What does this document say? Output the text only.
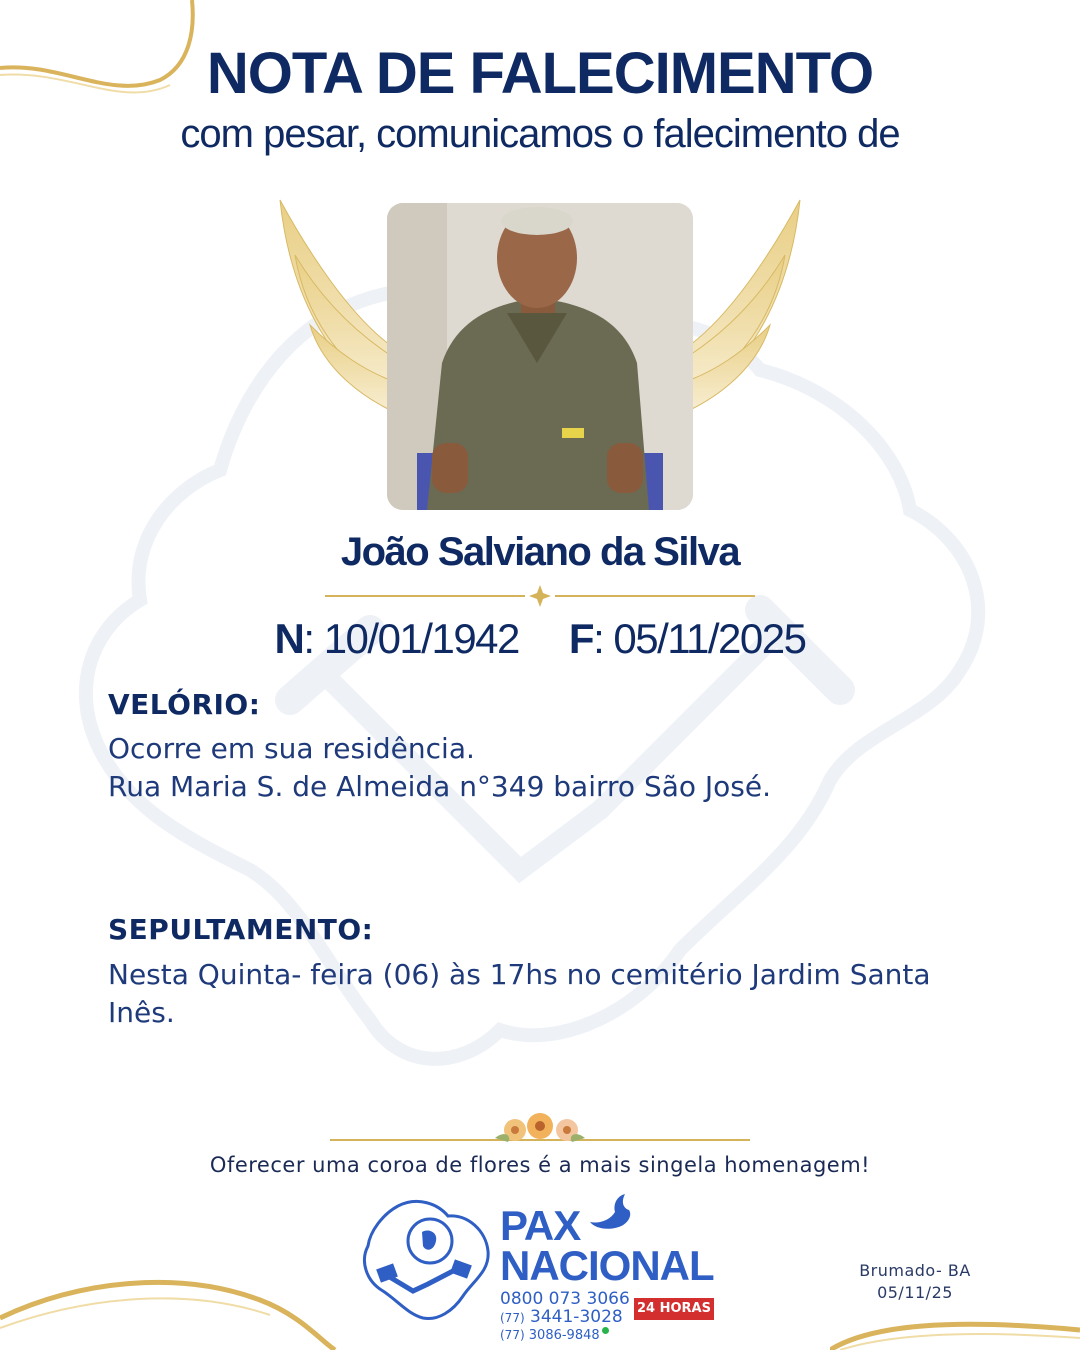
NOTA DE FALECIMENTO
com pesar, comunicamos o falecimento de
João Salviano da Silva
N: 10/01/1942 F: 05/11/2025
VELÓRIO:
Ocorre em sua residência.
Rua Maria S. de Almeida n°349 bairro São José.
SEPULTAMENTO:
Nesta Quinta- feira (06) às 17hs no cemitério Jardim Santa
Inês.
Oferecer uma coroa de flores é a mais singela homenagem!
PAX
NACIONAL
0800 073 3066
(77) 3441-3028
(77) 3086-9848
24 HORAS
Brumado- BA
05/11/25
